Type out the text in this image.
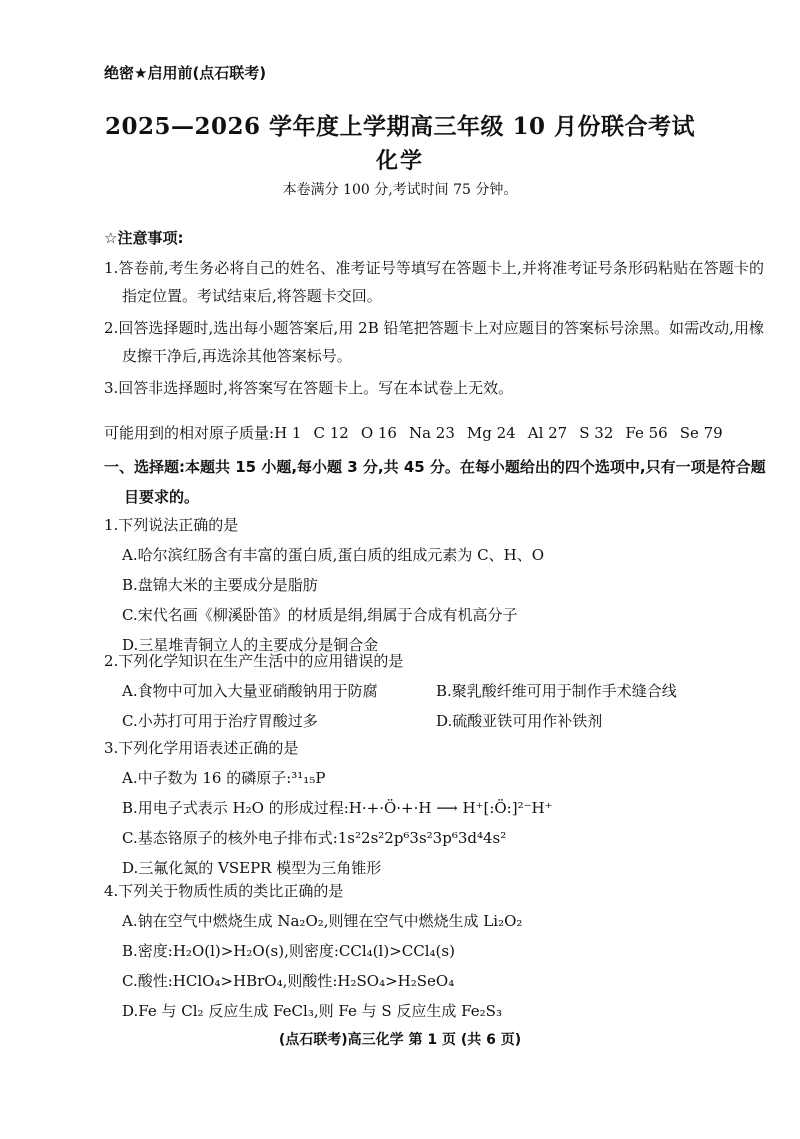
绝密★启用前(点石联考)
2025—2026 学年度上学期高三年级 10 月份联合考试
化学
本卷满分 100 分,考试时间 75 分钟。
☆注意事项:
1.答卷前,考生务必将自己的姓名、准考证号等填写在答题卡上,并将准考证号条形码粘贴在答题卡的指定位置。考试结束后,将答题卡交回。
2.回答选择题时,选出每小题答案后,用 2B 铅笔把答题卡上对应题目的答案标号涂黑。如需改动,用橡皮擦干净后,再选涂其他答案标号。
3.回答非选择题时,将答案写在答题卡上。写在本试卷上无效。
可能用到的相对原子质量:H 1 C 12 O 16 Na 23 Mg 24 Al 27 S 32 Fe 56 Se 79
一、选择题:本题共 15 小题,每小题 3 分,共 45 分。在每小题给出的四个选项中,只有一项是符合题目要求的。
1.下列说法正确的是
A.哈尔滨红肠含有丰富的蛋白质,蛋白质的组成元素为 C、H、O
B.盘锦大米的主要成分是脂肪
C.宋代名画《柳溪卧笛》的材质是绢,绢属于合成有机高分子
D.三星堆青铜立人的主要成分是铜合金
2.下列化学知识在生产生活中的应用错误的是
A.食物中可加入大量亚硝酸钠用于防腐	B.聚乳酸纤维可用于制作手术缝合线
C.小苏打可用于治疗胃酸过多	D.硫酸亚铁可用作补铁剂
3.下列化学用语表述正确的是
A.中子数为 16 的磷原子:³¹₁₅P
B.用电子式表示 H₂O 的形成过程:H·+·Ö·+·H ⟶ H⁺[:Ö:]²⁻H⁺
C.基态铬原子的核外电子排布式:1s²2s²2p⁶3s²3p⁶3d⁴4s²
D.三氟化氮的 VSEPR 模型为三角锥形
4.下列关于物质性质的类比正确的是
A.钠在空气中燃烧生成 Na₂O₂,则锂在空气中燃烧生成 Li₂O₂
B.密度:H₂O(l)>H₂O(s),则密度:CCl₄(l)>CCl₄(s)
C.酸性:HClO₄>HBrO₄,则酸性:H₂SO₄>H₂SeO₄
D.Fe 与 Cl₂ 反应生成 FeCl₃,则 Fe 与 S 反应生成 Fe₂S₃
(点石联考)高三化学 第 1 页 (共 6 页)
